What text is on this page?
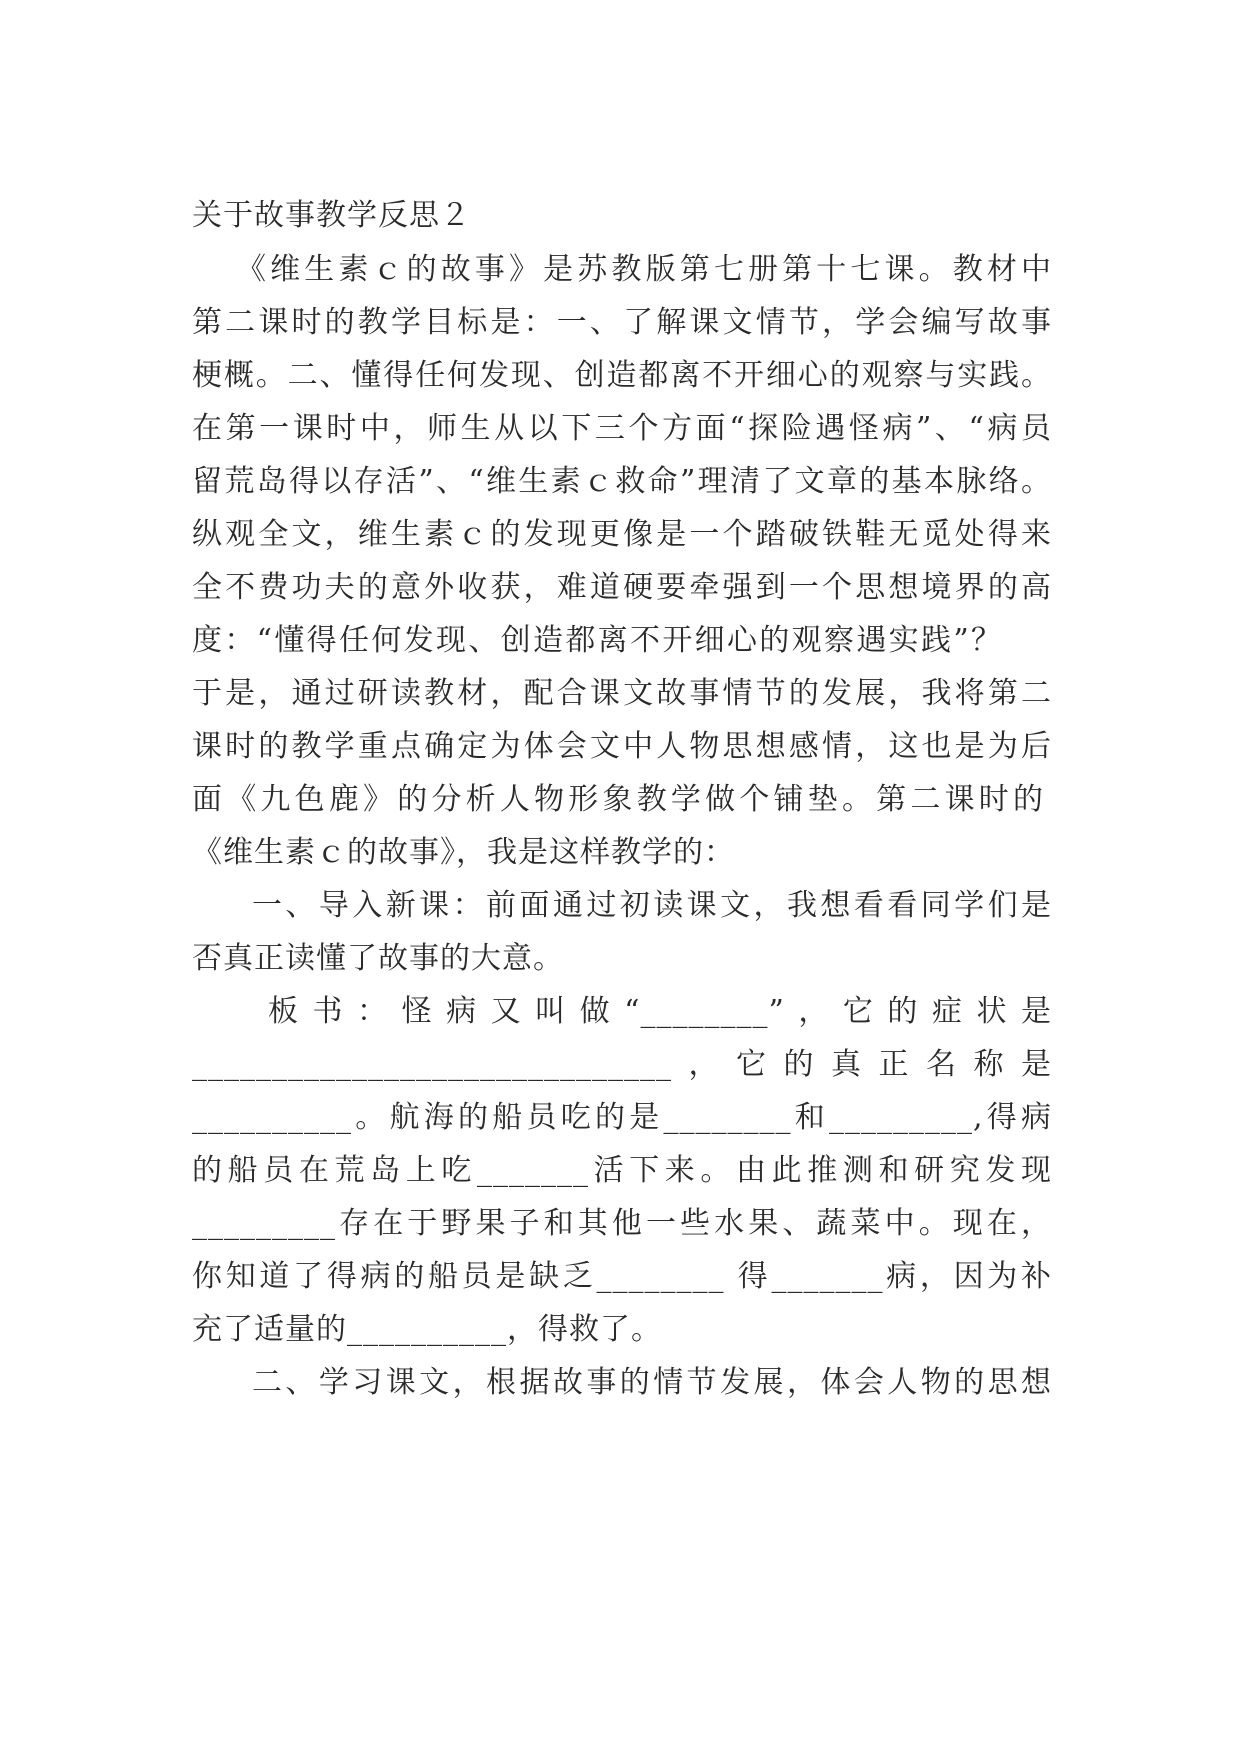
关于故事教学反思２
《维生素ｃ的故事》是苏教版第七册第十七课。教材中
第二课时的教学目标是：一、了解课文情节，学会编写故事
梗概。二、懂得任何发现、创造都离不开细心的观察与实践。
在第一课时中，师生从以下三个方面“探险遇怪病”、“病员
留荒岛得以存活”、“维生素ｃ救命”理清了文章的基本脉络。
纵观全文，维生素ｃ的发现更像是一个踏破铁鞋无觅处得来
全不费功夫的意外收获，难道硬要牵强到一个思想境界的高
度：“懂得任何发现、创造都离不开细心的观察遇实践”？
于是，通过研读教材，配合课文故事情节的发展，我将第二
课时的教学重点确定为体会文中人物思想感情，这也是为后
面《九色鹿》的分析人物形象教学做个铺垫。第二课时的
《维生素ｃ的故事》，我是这样教学的：
一、导入新课：前面通过初读课文，我想看看同学们是
否真正读懂了故事的大意。
板书：怪病又叫做“________”，它的症状是
______________________________，它的真正名称是
__________。航海的船员吃的是________和_________,得病
的船员在荒岛上吃_______活下来。由此推测和研究发现
_________存在于野果子和其他一些水果、蔬菜中。现在，
你知道了得病的船员是缺乏________ 得_______病，因为补
充了适量的__________，得救了。
二、学习课文，根据故事的情节发展，体会人物的思想
